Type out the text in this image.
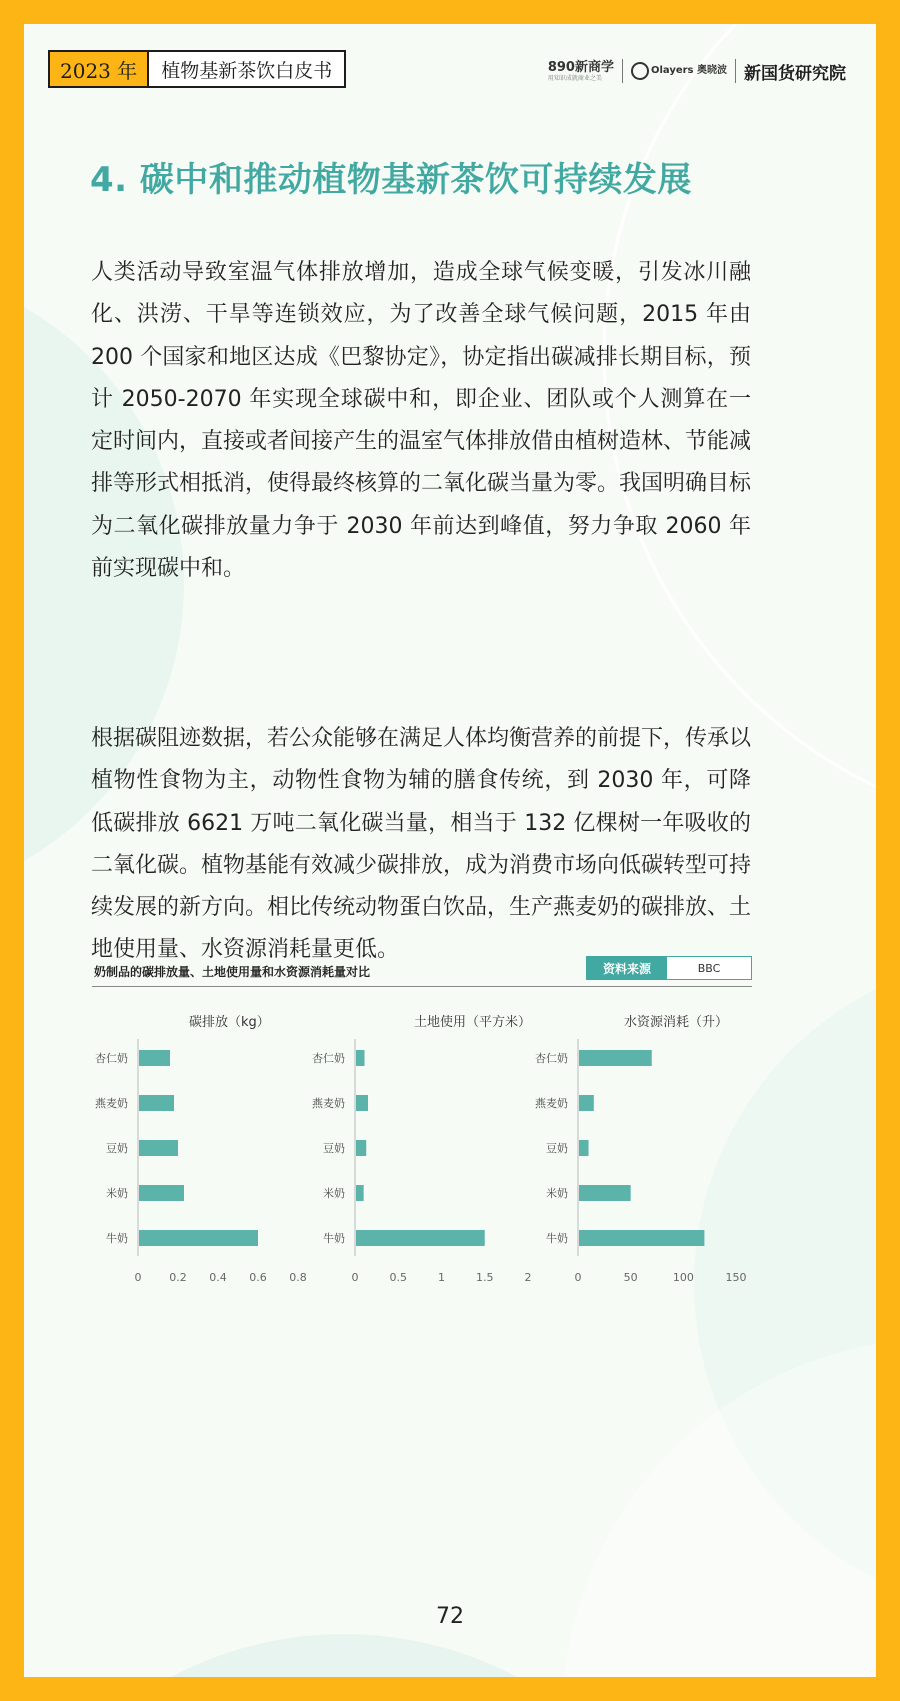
2023 年	植物基新茶饮白皮书	890新商学
用知识成就商业之美
Olayers 奥晓波 新国货研究院
4. 碳中和推动植物基新茶饮可持续发展

人类活动导致室温气体排放增加，造成全球气候变暖，引发冰川融化、洪涝、干旱等连锁效应，为了改善全球气候问题，2015 年由 200 个国家和地区达成《巴黎协定》，协定指出碳减排长期目标，预计 2050-2070 年实现全球碳中和，即企业、团队或个人测算在一定时间内，直接或者间接产生的温室气体排放借由植树造林、节能减排等形式相抵消，使得最终核算的二氧化碳当量为零。我国明确目标为二氧化碳排放量力争于 2030 年前达到峰值，努力争取 2060 年前实现碳中和。

根据碳阻迹数据，若公众能够在满足人体均衡营养的前提下，传承以植物性食物为主，动物性食物为辅的膳食传统，到 2030 年，可降低碳排放 6621 万吨二氧化碳当量，相当于 132 亿棵树一年吸收的二氧化碳。植物基能有效减少碳排放，成为消费市场向低碳转型可持续发展的新方向。相比传统动物蛋白饮品，生产燕麦奶的碳排放、土地使用量、水资源消耗量更低。

奶制品的碳排放量、土地使用量和水资源消耗量对比	资料来源	BBC
碳排放（kg）
杏仁奶
燕麦奶
豆奶
米奶
牛奶
0	0.2 0.4 0.6 0.8
土地使用（平方米）
杏仁奶
燕麦奶
豆奶
米奶
牛奶
0	0.5	1	1.5	2
水资源消耗（升）
杏仁奶
燕麦奶
豆奶
米奶
牛奶
0	50	100	150
72
